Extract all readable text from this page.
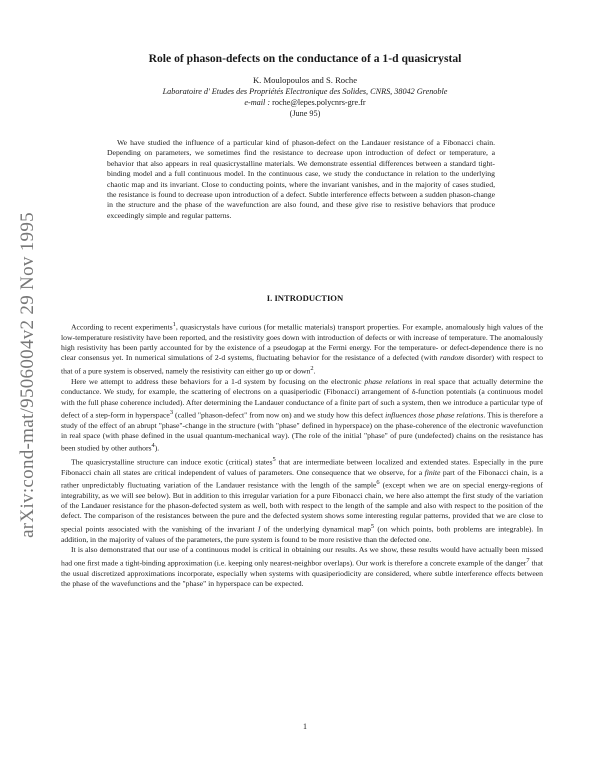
arXiv:cond-mat/9506004v2 29 Nov 1995
Role of phason-defects on the conductance of a 1-d quasicrystal
K. Moulopoulos and S. Roche
Laboratoire d' Etudes des Propriétés Electronique des Solides, CNRS, 38042 Grenoble
e-mail : roche@lepes.polycnrs-gre.fr
(June 95)

We have studied the influence of a particular kind of phason-defect on the Landauer resistance of a Fibonacci chain. Depending on parameters, we sometimes find the resistance to decrease upon introduction of defect or temperature, a behavior that also appears in real quasicrystalline materials. We demonstrate essential differences between a standard tight-binding model and a full continuous model. In the continuous case, we study the conductance in relation to the underlying chaotic map and its invariant. Close to conducting points, where the invariant vanishes, and in the majority of cases studied, the resistance is found to decrease upon introduction of a defect. Subtle interference effects between a sudden phason-change in the structure and the phase of the wavefunction are also found, and these give rise to resistive behaviors that produce exceedingly simple and regular patterns.

I. INTRODUCTION

According to recent experiments$^1$, quasicrystals have curious (for metallic materials) transport properties. For example, anomalously high values of the low-temperature resistivity have been reported, and the resistivity goes down with introduction of defects or with increase of temperature. The anomalously high resistivity has been partly accounted for by the existence of a pseudogap at the Fermi energy. For the temperature- or defect-dependence there is no clear consensus yet. In numerical simulations of 2-d systems, fluctuating behavior for the resistance of a defected (with random disorder) with respect to that of a pure system is observed, namely the resistivity can either go up or down$^2$.

Here we attempt to address these behaviors for a 1-d system by focusing on the electronic phase relations in real space that actually determine the conductance. We study, for example, the scattering of electrons on a quasiperiodic (Fibonacci) arrangement of δ-function potentials (a continuous model with the full phase coherence included). After determining the Landauer conductance of a finite part of such a system, then we introduce a particular type of defect of a step-form in hyperspace$^3$ (called "phason-defect" from now on) and we study how this defect influences those phase relations. This is therefore a study of the effect of an abrupt "phase"-change in the structure (with "phase" defined in hyperspace) on the phase-coherence of the electronic wavefunction in real space (with phase defined in the usual quantum-mechanical way). (The role of the initial "phase" of pure (undefected) chains on the resistance has been studied by other authors$^4$).

The quasicrystalline structure can induce exotic (critical) states$^5$ that are intermediate between localized and extended states. Especially in the pure Fibonacci chain all states are critical independent of values of parameters. One consequence that we observe, for a finite part of the Fibonacci chain, is a rather unpredictably fluctuating variation of the Landauer resistance with the length of the sample$^6$ (except when we are on special energy-regions of integrability, as we will see below). But in addition to this irregular variation for a pure Fibonacci chain, we here also attempt the first study of the variation of the Landauer resistance for the phason-defected system as well, both with respect to the length of the sample and also with respect to the position of the defect. The comparison of the resistances between the pure and the defected system shows some interesting regular patterns, provided that we are close to special points associated with the vanishing of the invariant I of the underlying dynamical map$^5$ (on which points, both problems are integrable). In addition, in the majority of values of the parameters, the pure system is found to be more resistive than the defected one.

It is also demonstrated that our use of a continuous model is critical in obtaining our results. As we show, these results would have actually been missed had one first made a tight-binding approximation (i.e. keeping only nearest-neighbor overlaps). Our work is therefore a concrete example of the danger$^7$ that the usual discretized approximations incorporate, especially when systems with quasiperiodicity are considered, where subtle interference effects between the phase of the wavefunctions and the "phase" in hyperspace can be expected.

1
